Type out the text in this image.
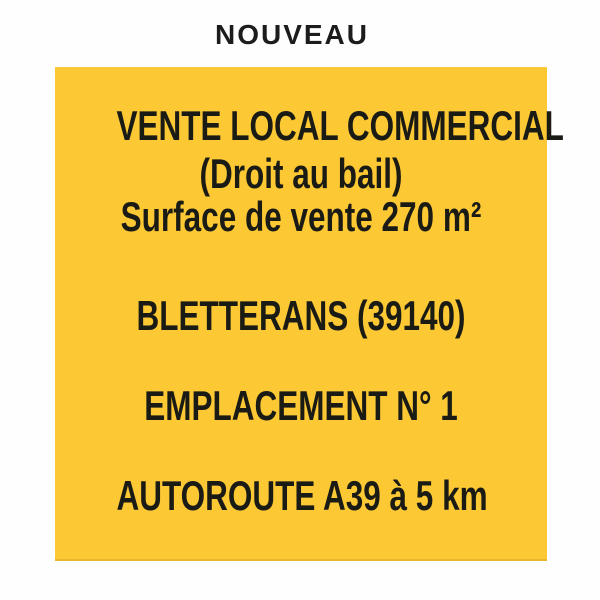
NOUVEAU
VENTE LOCAL COMMERCIAL
(Droit au bail)
Surface de vente 270 m²
BLETTERANS (39140)
EMPLACEMENT N° 1
AUTOROUTE A39 à 5 km
